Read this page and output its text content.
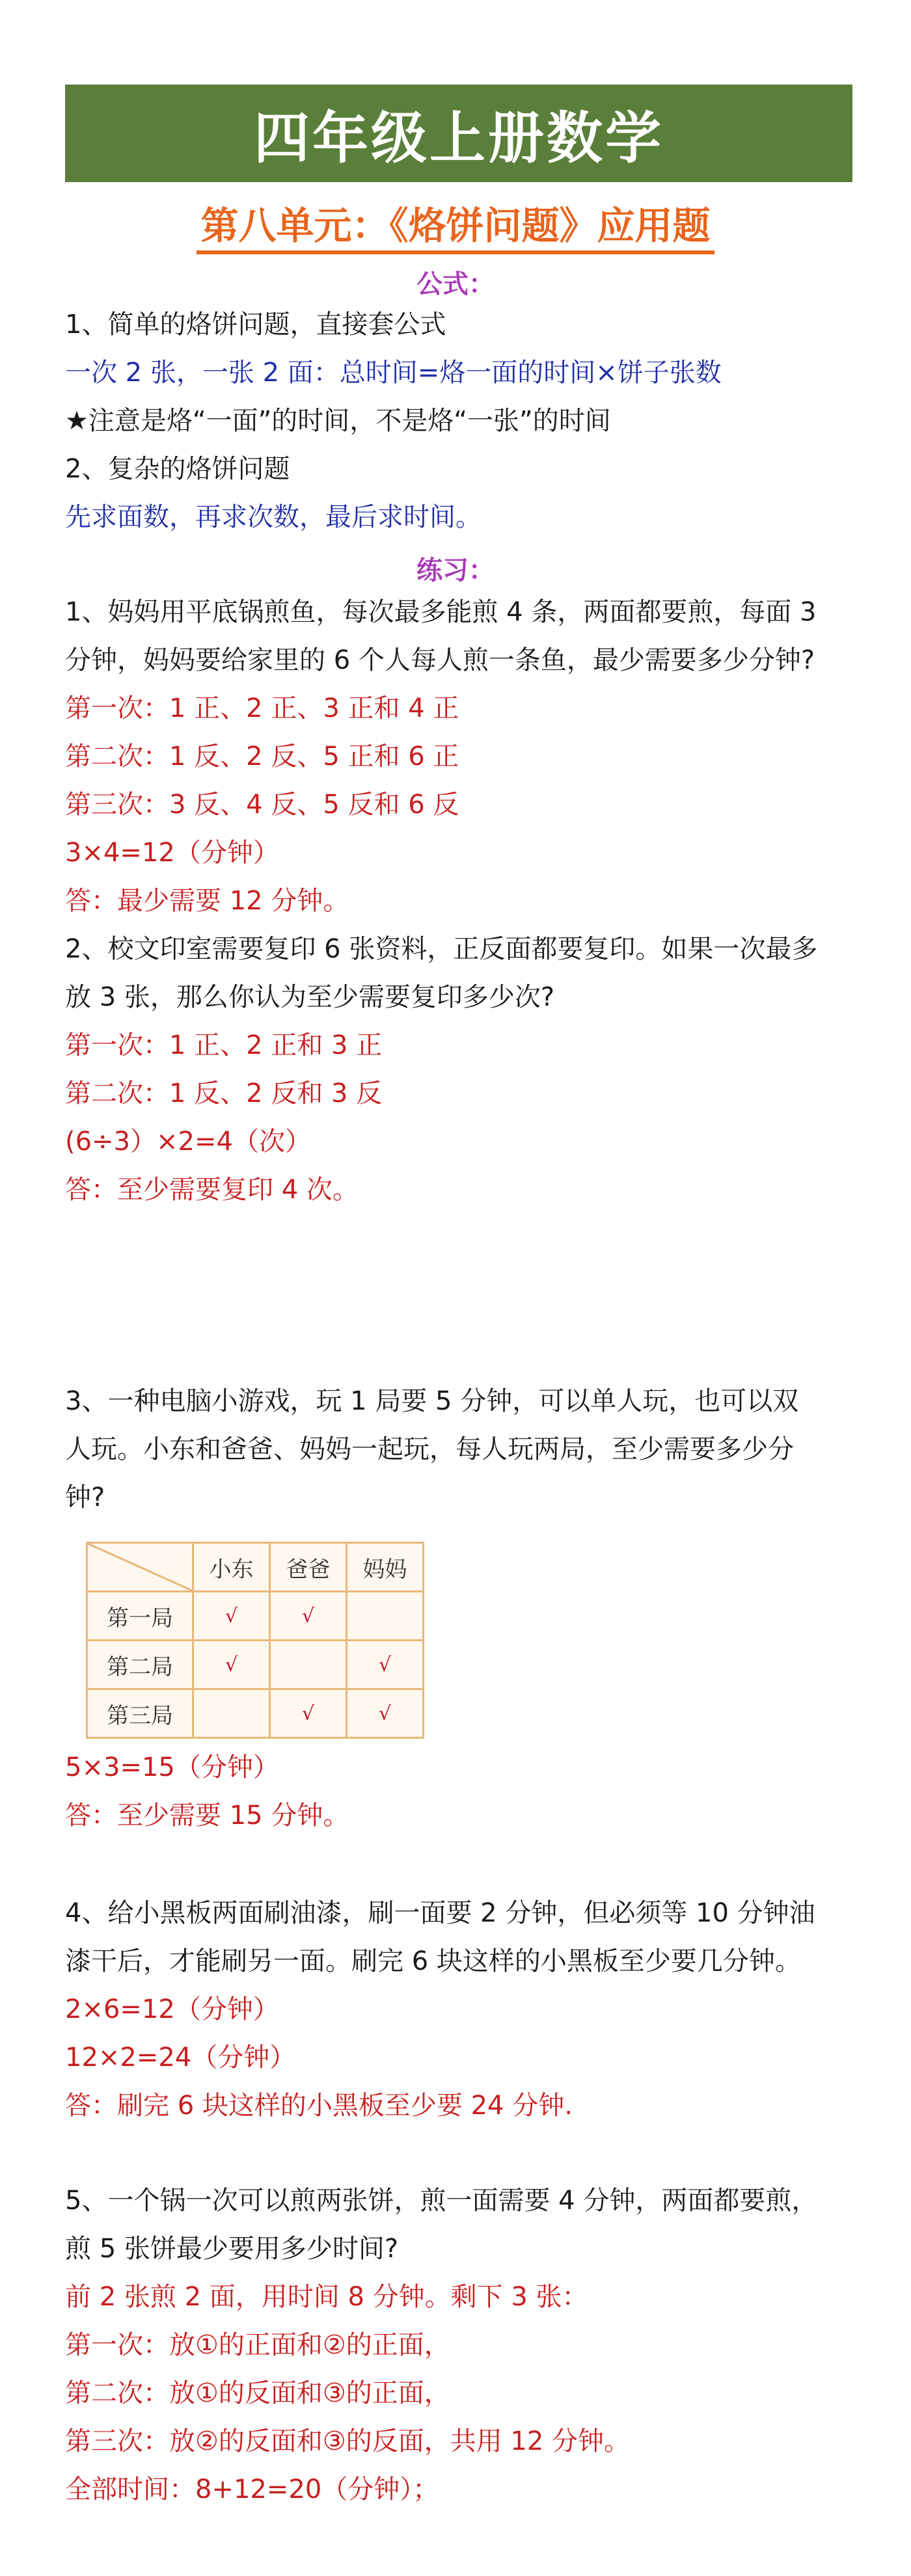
四年级上册数学
第八单元：《烙饼问题》应用题
公式：
1、简单的烙饼问题，直接套公式
一次 2 张，一张 2 面：总时间=烙一面的时间×饼子张数
★注意是烙“一面”的时间，不是烙“一张”的时间
2、复杂的烙饼问题
先求面数，再求次数，最后求时间。
练习：
1、妈妈用平底锅煎鱼，每次最多能煎 4 条，两面都要煎，每面 3
分钟，妈妈要给家里的 6 个人每人煎一条鱼，最少需要多少分钟?
第一次：1 正、2 正、3 正和 4 正
第二次：1 反、2 反、5 正和 6 正
第三次：3 反、4 反、5 反和 6 反
3×4=12（分钟）
答：最少需要 12 分钟。
2、校文印室需要复印 6 张资料，正反面都要复印。如果一次最多
放 3 张，那么你认为至少需要复印多少次?
第一次：1 正、2 正和 3 正
第二次：1 反、2 反和 3 反
(6÷3）×2=4（次）
答：至少需要复印 4 次。
3、一种电脑小游戏，玩 1 局要 5 分钟，可以单人玩，也可以双
人玩。小东和爸爸、妈妈一起玩，每人玩两局，至少需要多少分
钟?
	小东	爸爸	妈妈
第一局	√	√	
第二局	√		√
第三局		√	√
5×3=15（分钟）
答：至少需要 15 分钟。
4、给小黑板两面刷油漆，刷一面要 2 分钟，但必须等 10 分钟油
漆干后，才能刷另一面。刷完 6 块这样的小黑板至少要几分钟。
2×6=12（分钟）
12×2=24（分钟）
答：刷完 6 块这样的小黑板至少要 24 分钟.
5、一个锅一次可以煎两张饼，煎一面需要 4 分钟，两面都要煎，
煎 5 张饼最少要用多少时间?
前 2 张煎 2 面，用时间 8 分钟。剩下 3 张：
第一次：放①的正面和②的正面，
第二次：放①的反面和③的正面，
第三次：放②的反面和③的反面，共用 12 分钟。
全部时间：8+12=20（分钟）；
